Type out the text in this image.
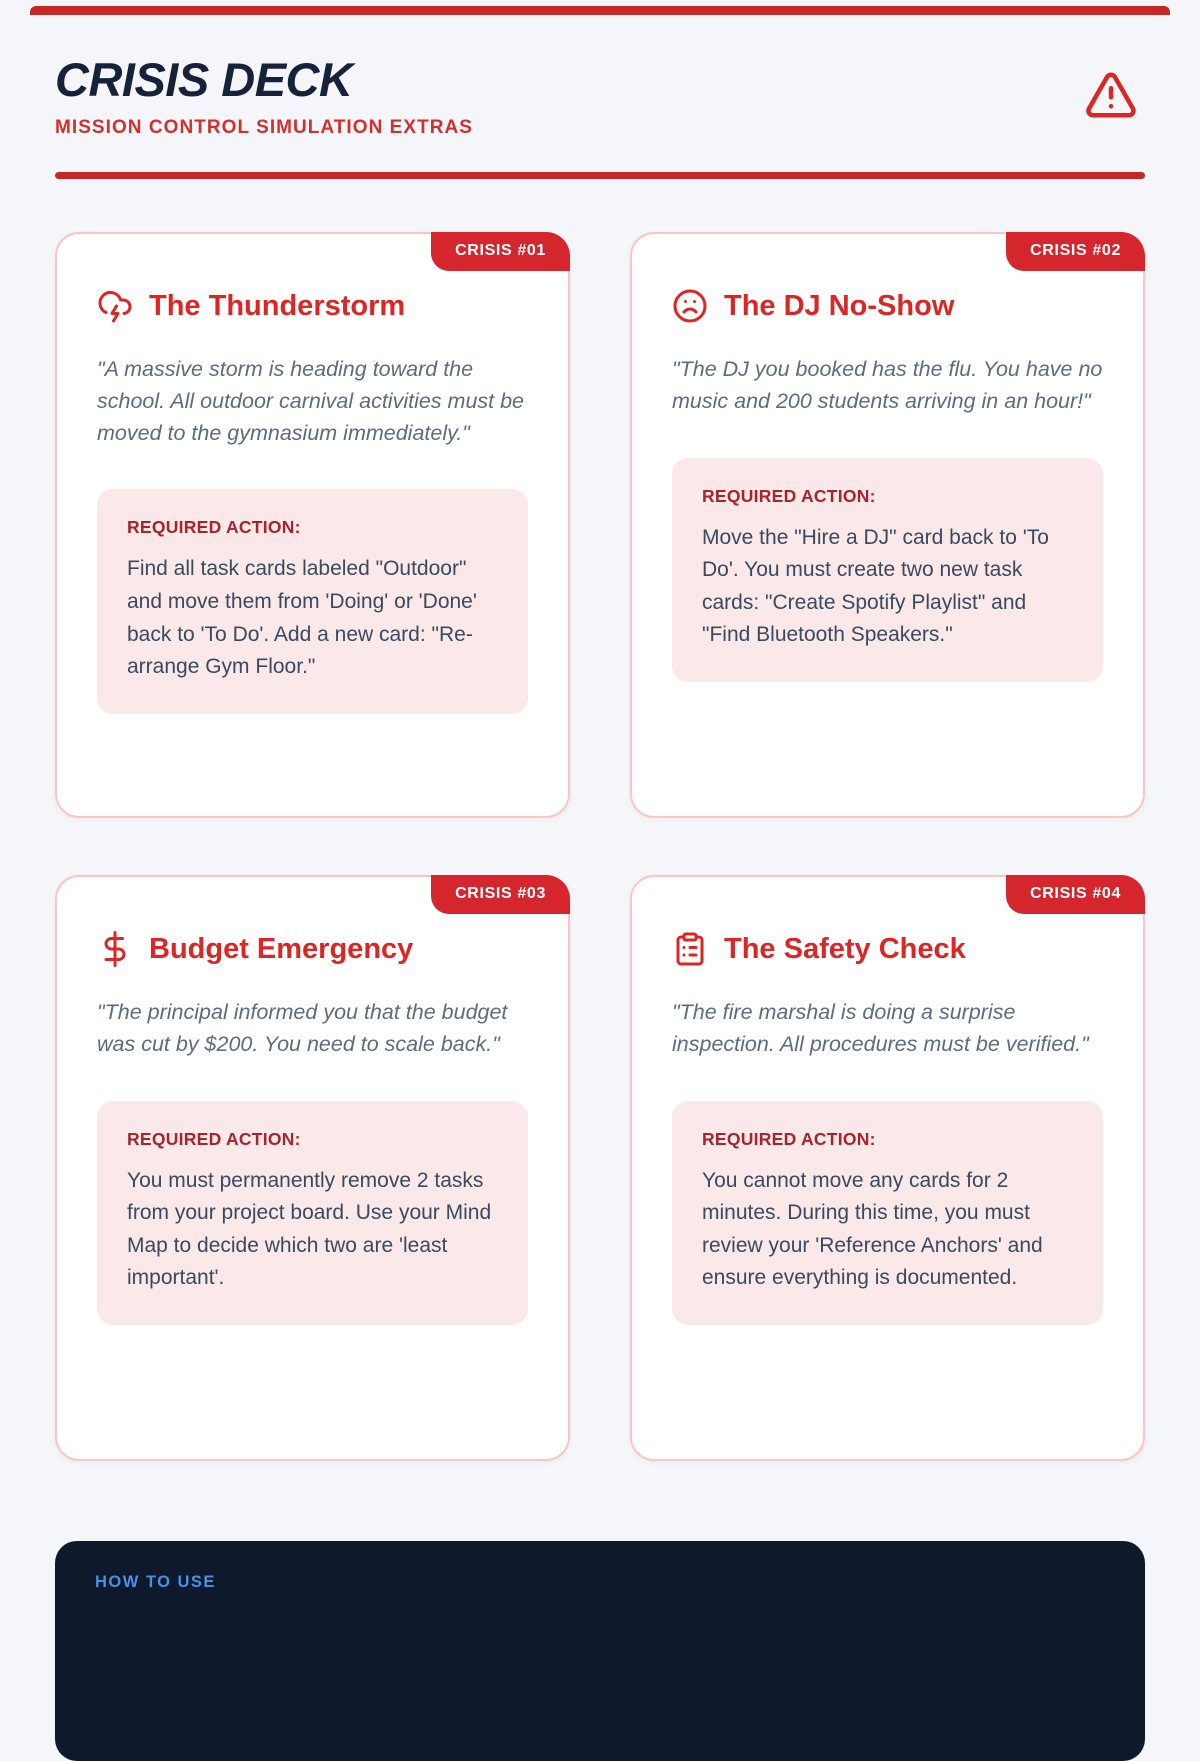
CRISIS DECK
MISSION CONTROL SIMULATION EXTRAS
CRISIS #01
The Thunderstorm

"A massive storm is heading toward the school. All outdoor carnival activities must be moved to the gymnasium immediately."

REQUIRED ACTION:
Find all task cards labeled "Outdoor" and move them from 'Doing' or 'Done' back to 'To Do'. Add a new card: "Re-arrange Gym Floor."
CRISIS #02
The DJ No-Show

"The DJ you booked has the flu. You have no music and 200 students arriving in an hour!"

REQUIRED ACTION:
Move the "Hire a DJ" card back to 'To Do'. You must create two new task cards: "Create Spotify Playlist" and "Find Bluetooth Speakers."
CRISIS #03
Budget Emergency

"The principal informed you that the budget was cut by $200. You need to scale back."

REQUIRED ACTION:
You must permanently remove 2 tasks from your project board. Use your Mind Map to decide which two are 'least important'.
CRISIS #04
The Safety Check

"The fire marshal is doing a surprise inspection. All procedures must be verified."

REQUIRED ACTION:
You cannot move any cards for 2 minutes. During this time, you must review your 'Reference Anchors' and ensure everything is documented.
HOW TO USE
